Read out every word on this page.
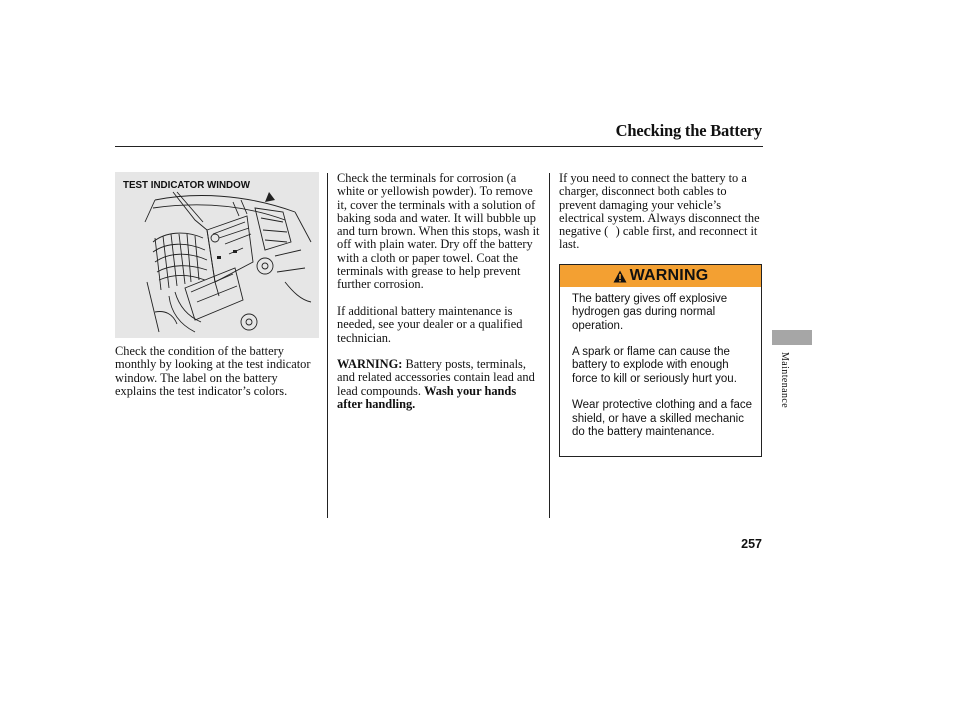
Checking the Battery
TEST INDICATOR WINDOW

Check the condition of the battery monthly by looking at the test indicator window. The label on the battery explains the test indicator’s colors.

Check the terminals for corrosion (a white or yellowish powder). To remove it, cover the terminals with a solution of baking soda and water. It will bubble up and turn brown. When this stops, wash it off with plain water. Dry off the battery with a cloth or paper towel. Coat the terminals with grease to help prevent further corrosion.

If additional battery maintenance is needed, see your dealer or a qualified technician.

WARNING: Battery posts, terminals, and related accessories contain lead and lead compounds. Wash your hands after handling.

If you need to connect the battery to a charger, disconnect both cables to prevent damaging your vehicle’s electrical system. Always disconnect the negative (   ) cable first, and reconnect it last.

WARNING

The battery gives off explosive hydrogen gas during normal operation.

A spark or flame can cause the battery to explode with enough force to kill or seriously hurt you.

Wear protective clothing and a face shield, or have a skilled mechanic do the battery maintenance.

Maintenance
257
